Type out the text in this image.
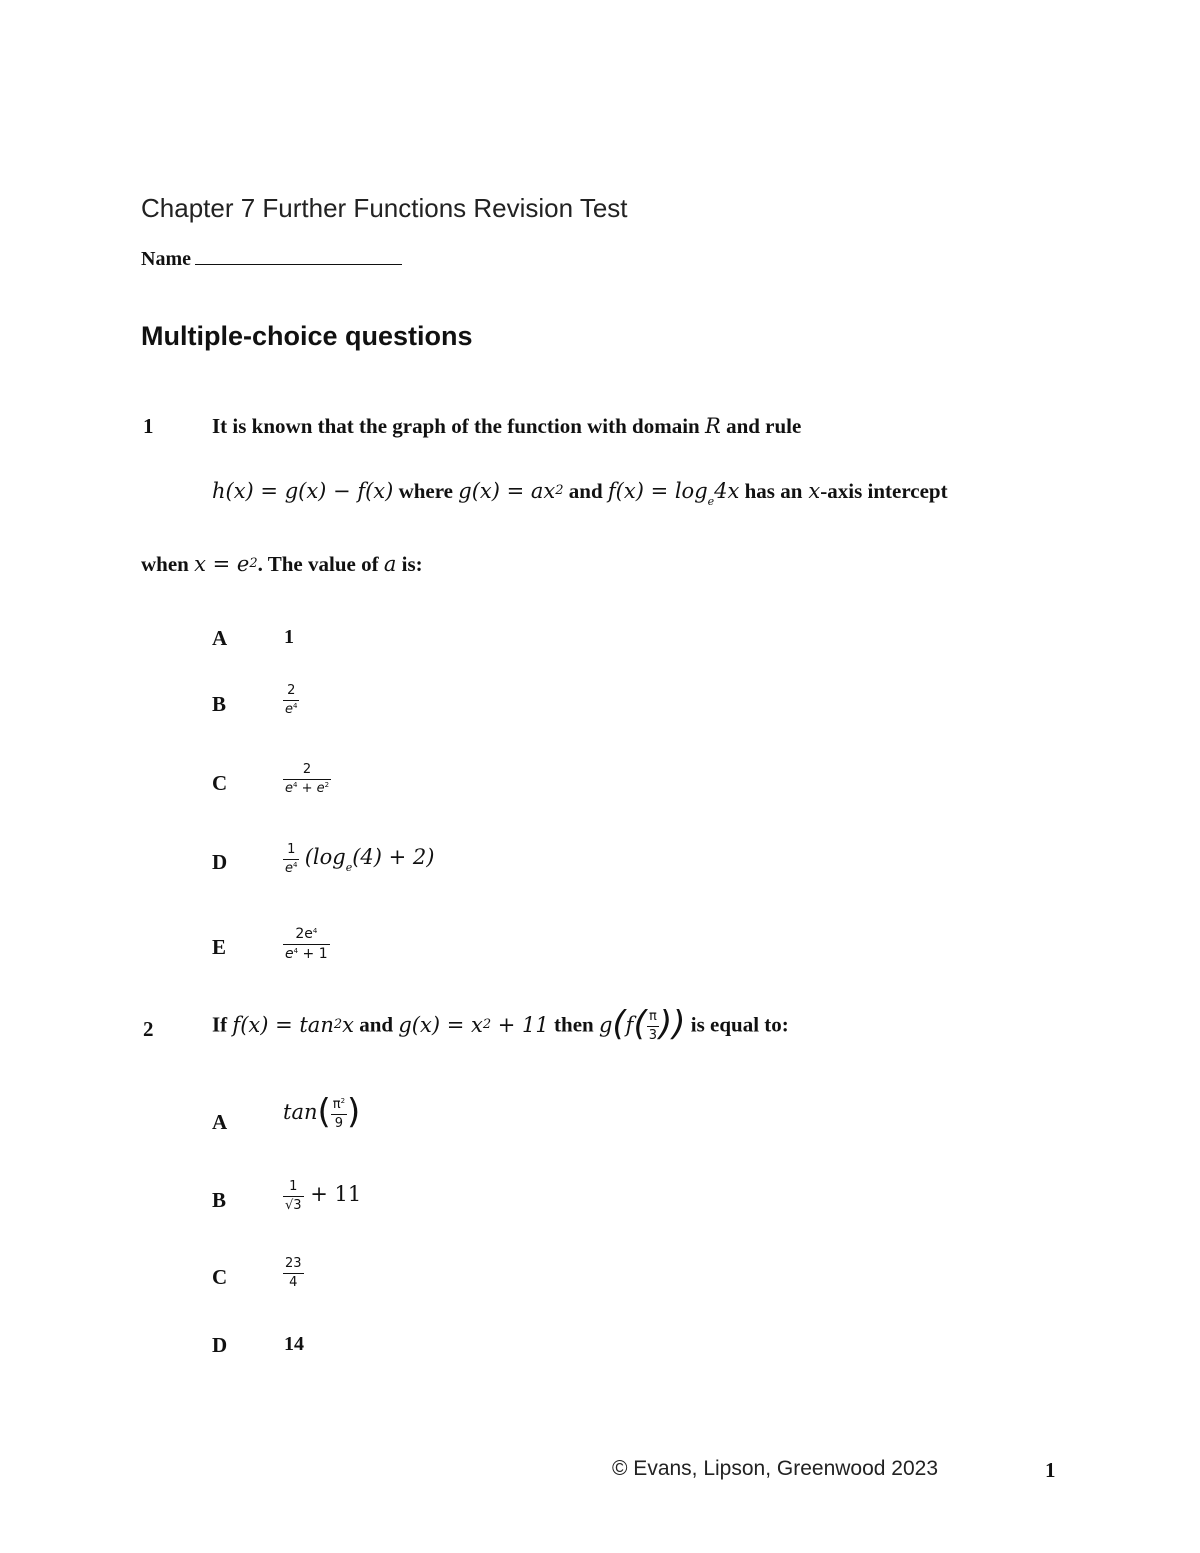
Chapter 7 Further Functions Revision Test
Name
Multiple-choice questions
1	It is known that the graph of the function with domain R and rule
h(x) = g(x) − f(x) where $g(x) = ax^2$ and $f(x) = \log_e4x$ has an x-axis intercept
when $x = e^2$. The value of a is:
A	1
B	$\frac{2}{e^4}$
C	$\frac{2}{e^4 + e^2}$
D	$\frac{1}{e^4} (\log_e(4) + 2)$
E	$\frac{2e^4}{e^4 + 1}$
2	If $f(x) = \tan^2x$ and $g(x) = x^2 + 11$ then $g(f( \frac{\pi}{3}$ )) is equal to:
A	$\tan( \frac{\pi^2}{9}$ )
B	$\frac{1}{√3} + 11$
C	$\frac{23}{4}$
D	14
© Evans, Lipson, Greenwood 2023	1
